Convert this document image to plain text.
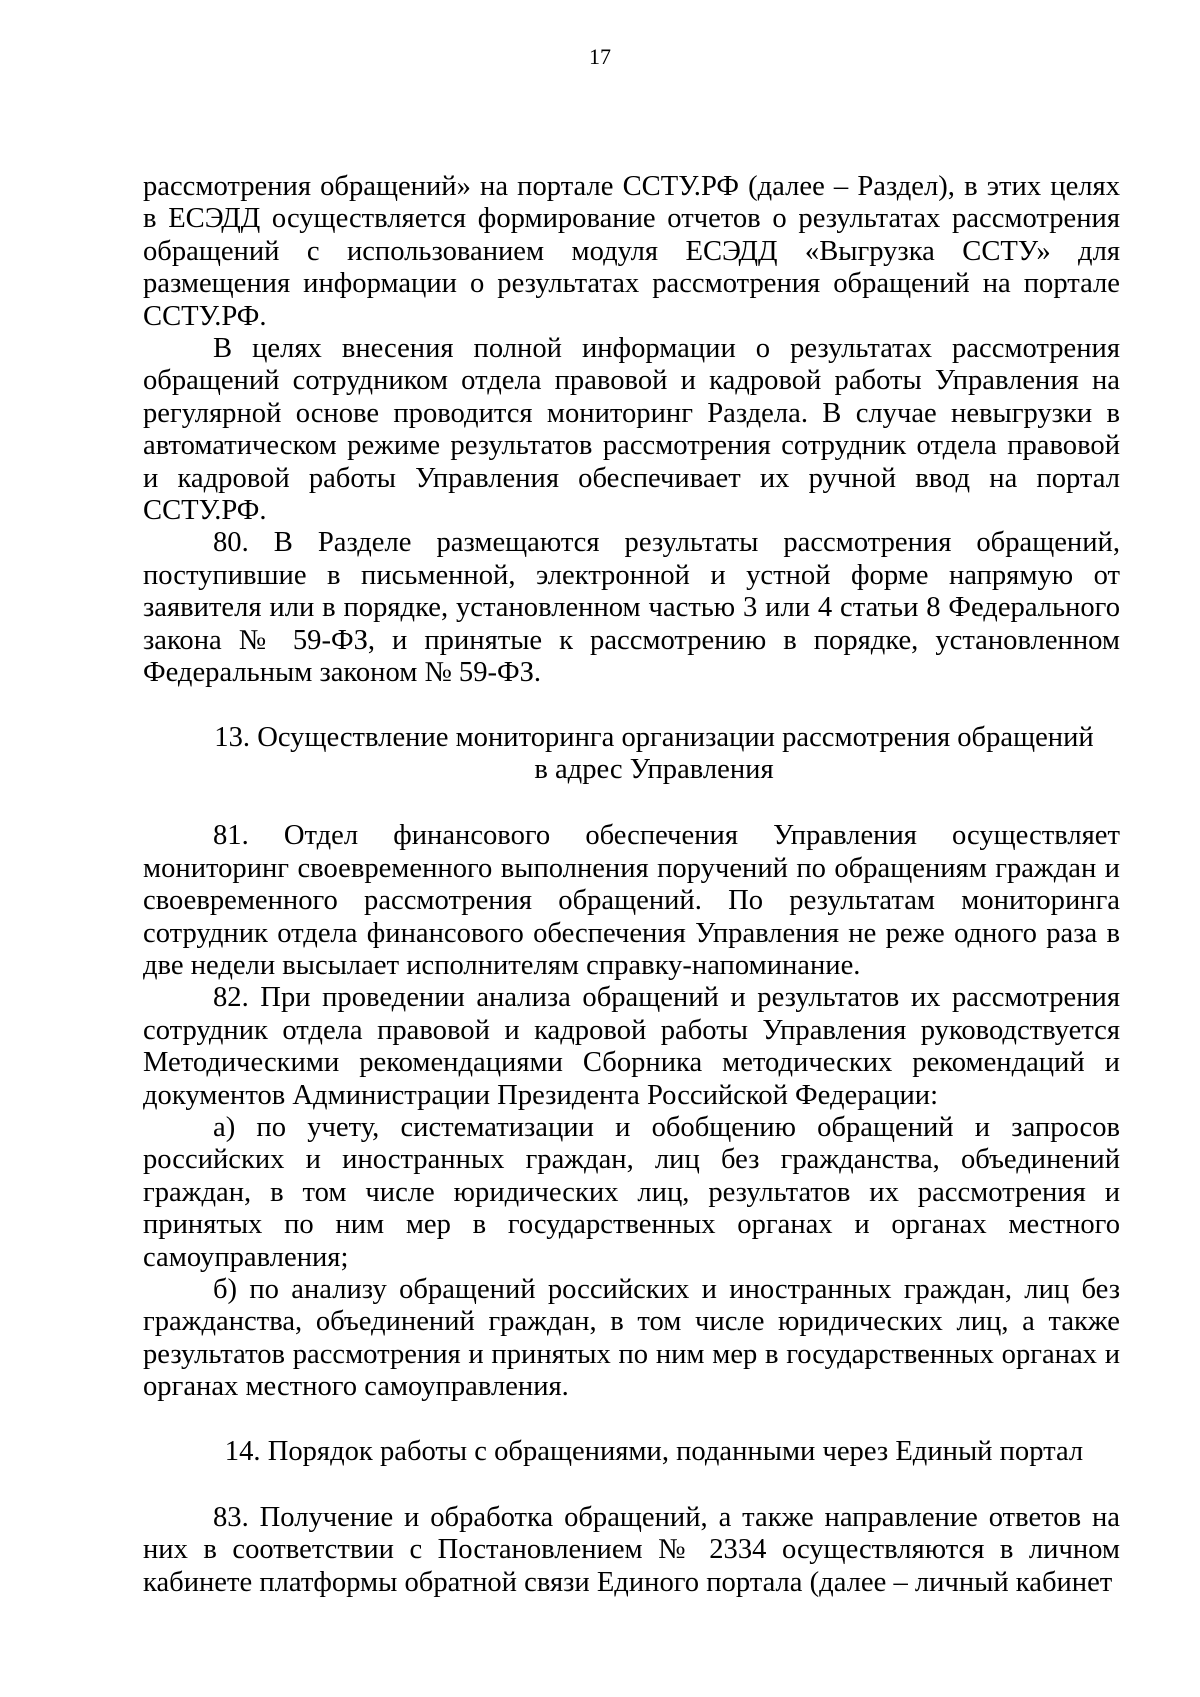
17

рассмотрения обращений» на портале ССТУ.РФ (далее – Раздел), в этих целях в ЕСЭДД осуществляется формирование отчетов о результатах рассмотрения обращений с использованием модуля ЕСЭДД «Выгрузка ССТУ» для размещения информации о результатах рассмотрения обращений на портале ССТУ.РФ.

В целях внесения полной информации о результатах рассмотрения обращений сотрудником отдела правовой и кадровой работы Управления на регулярной основе проводится мониторинг Раздела. В случае невыгрузки в автоматическом режиме результатов рассмотрения сотрудник отдела правовой и кадровой работы Управления обеспечивает их ручной ввод на портал ССТУ.РФ.

80. В Разделе размещаются результаты рассмотрения обращений, поступившие в письменной, электронной и устной форме напрямую от заявителя или в порядке, установленном частью 3 или 4 статьи 8 Федерального закона № 59-ФЗ, и принятые к рассмотрению в порядке, установленном Федеральным законом № 59-ФЗ.

13. Осуществление мониторинга организации рассмотрения обращений

в адрес Управления

81. Отдел финансового обеспечения Управления осуществляет мониторинг своевременного выполнения поручений по обращениям граждан и своевременного рассмотрения обращений. По результатам мониторинга сотрудник отдела финансового обеспечения Управления не реже одного раза в две недели высылает исполнителям справку-напоминание.

82. При проведении анализа обращений и результатов их рассмотрения сотрудник отдела правовой и кадровой работы Управления руководствуется Методическими рекомендациями Сборника методических рекомендаций и документов Администрации Президента Российской Федерации:

а) по учету, систематизации и обобщению обращений и запросов российских и иностранных граждан, лиц без гражданства, объединений граждан, в том числе юридических лиц, результатов их рассмотрения и принятых по ним мер в государственных органах и органах местного самоуправления;

б) по анализу обращений российских и иностранных граждан, лиц без гражданства, объединений граждан, в том числе юридических лиц, а также результатов рассмотрения и принятых по ним мер в государственных органах и органах местного самоуправления.

14. Порядок работы с обращениями, поданными через Единый портал

83. Получение и обработка обращений, а также направление ответов на них в соответствии с Постановлением № 2334 осуществляются в личном кабинете платформы обратной связи Единого портала (далее – личный кабинет
